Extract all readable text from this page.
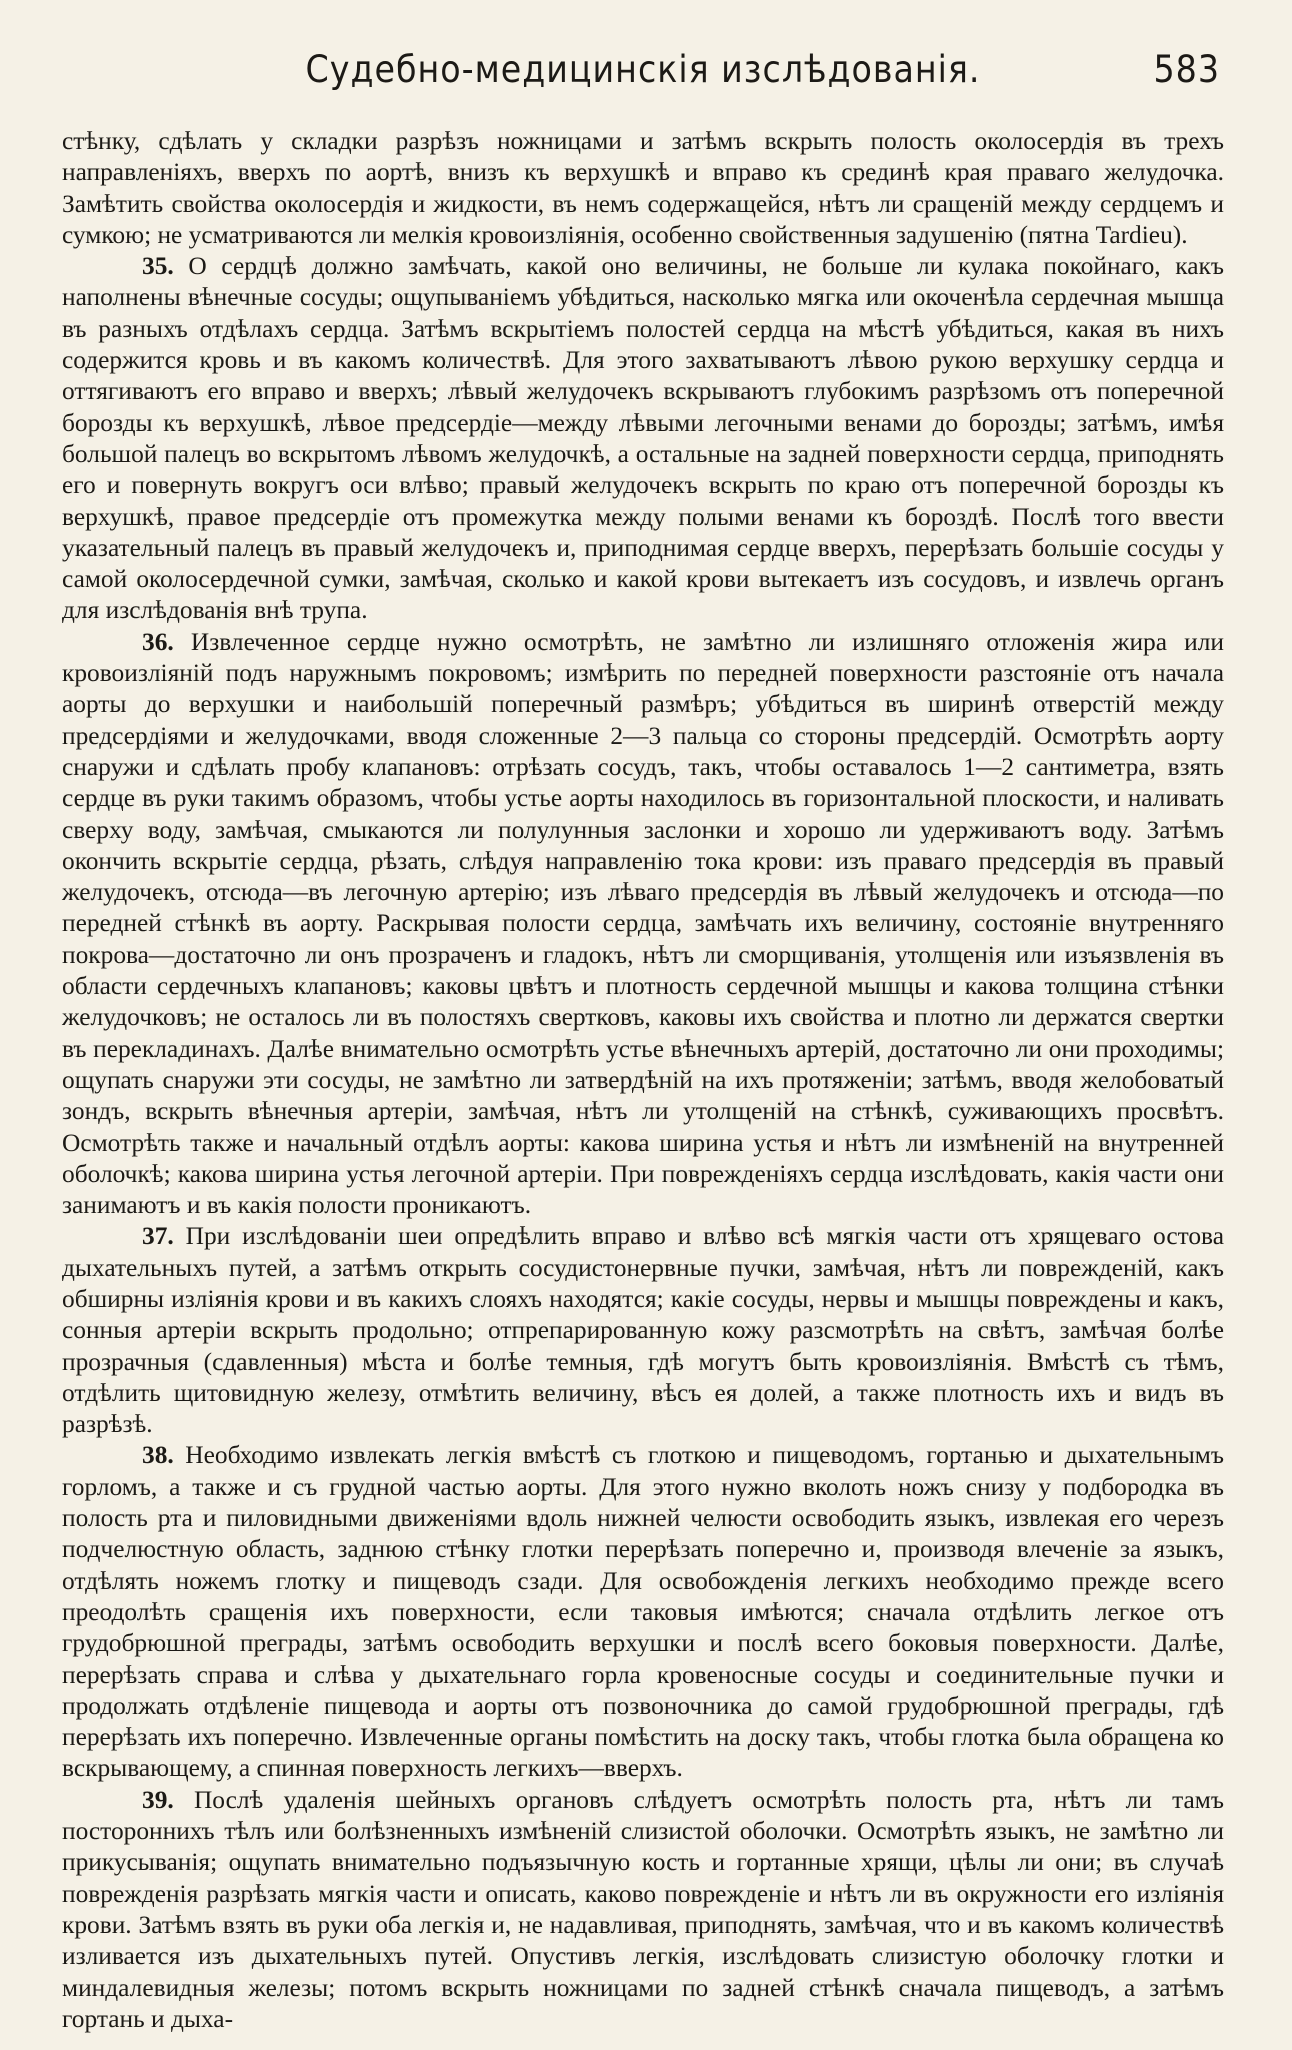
Судебно-медицинскія изслѣдованія.	583

стѣнку, сдѣлать у складки разрѣзъ ножницами и затѣмъ вскрыть полость околосердія въ трехъ направленіяхъ, вверхъ по аортѣ, внизъ къ верхушкѣ и вправо къ срединѣ края праваго желудочка. Замѣтить свойства околосердія и жидкости, въ немъ содержащейся, нѣтъ ли сращеній между сердцемъ и сумкою; не усматриваются ли мелкія кровоизліянія, особенно свойственныя задушенію (пятна Tardieu).

35. О сердцѣ должно замѣчать, какой оно величины, не больше ли кулака покойнаго, какъ наполнены вѣнечные сосуды; ощупываніемъ убѣдиться, насколько мягка или окоченѣла сердечная мышца въ разныхъ отдѣлахъ сердца. Затѣмъ вскрытіемъ полостей сердца на мѣстѣ убѣдиться, какая въ нихъ содержится кровь и въ какомъ количествѣ. Для этого захватываютъ лѣвою рукою верхушку сердца и оттягиваютъ его вправо и вверхъ; лѣвый желудочекъ вскрываютъ глубокимъ разрѣзомъ отъ поперечной борозды къ верхушкѣ, лѣвое предсердіе—между лѣвыми легочными венами до борозды; затѣмъ, имѣя большой палецъ во вскрытомъ лѣвомъ желудочкѣ, а остальные на задней поверхности сердца, приподнять его и повернуть вокругъ оси влѣво; правый желудочекъ вскрыть по краю отъ поперечной борозды къ верхушкѣ, правое предсердіе отъ промежутка между полыми венами къ бороздѣ. Послѣ того ввести указательный палецъ въ правый желудочекъ и, приподнимая сердце вверхъ, перерѣзать большіе сосуды у самой околосердечной сумки, замѣчая, сколько и какой крови вытекаетъ изъ сосудовъ, и извлечь органъ для изслѣдованія внѣ трупа.

36. Извлеченное сердце нужно осмотрѣть, не замѣтно ли излишняго отложенія жира или кровоизліяній подъ наружнымъ покровомъ; измѣрить по передней поверхности разстояніе отъ начала аорты до верхушки и наибольшій поперечный размѣръ; убѣдиться въ ширинѣ отверстій между предсердіями и желудочками, вводя сложенные 2—3 пальца со стороны предсердій. Осмотрѣть аорту снаружи и сдѣлать пробу клапановъ: отрѣзать сосудъ, такъ, чтобы оставалось 1—2 сантиметра, взять сердце въ руки такимъ образомъ, чтобы устье аорты находилось въ горизонтальной плоскости, и наливать сверху воду, замѣчая, смыкаются ли полулунныя заслонки и хорошо ли удерживаютъ воду. Затѣмъ окончить вскрытіе сердца, рѣзать, слѣдуя направленію тока крови: изъ праваго предсердія въ правый желудочекъ, отсюда—въ легочную артерію; изъ лѣваго предсердія въ лѣвый желудочекъ и отсюда—по передней стѣнкѣ въ аорту. Раскрывая полости сердца, замѣчать ихъ величину, состояніе внутренняго покрова—достаточно ли онъ прозраченъ и гладокъ, нѣтъ ли сморщиванія, утолщенія или изъязвленія въ области сердечныхъ клапановъ; каковы цвѣтъ и плотность сердечной мышцы и какова толщина стѣнки желудочковъ; не осталось ли въ полостяхъ свертковъ, каковы ихъ свойства и плотно ли держатся свертки въ перекладинахъ. Далѣе внимательно осмотрѣть устье вѣнечныхъ артерій, достаточно ли они проходимы; ощупать снаружи эти сосуды, не замѣтно ли затвердѣній на ихъ протяженіи; затѣмъ, вводя желобоватый зондъ, вскрыть вѣнечныя артеріи, замѣчая, нѣтъ ли утолщеній на стѣнкѣ, суживающихъ просвѣтъ. Осмотрѣть также и начальный отдѣлъ аорты: какова ширина устья и нѣтъ ли измѣненій на внутренней оболочкѣ; какова ширина устья легочной артеріи. При поврежденіяхъ сердца изслѣдовать, какія части они занимаютъ и въ какія полости проникаютъ.

37. При изслѣдованіи шеи опредѣлить вправо и влѣво всѣ мягкія части отъ хрящеваго остова дыхательныхъ путей, а затѣмъ открыть сосудистонервные пучки, замѣчая, нѣтъ ли поврежденій, какъ обширны изліянія крови и въ какихъ слояхъ находятся; какіе сосуды, нервы и мышцы повреждены и какъ, сонныя артеріи вскрыть продольно; отпрепарированную кожу разсмотрѣть на свѣтъ, замѣчая болѣе прозрачныя (сдавленныя) мѣста и болѣе темныя, гдѣ могутъ быть кровоизліянія. Вмѣстѣ съ тѣмъ, отдѣлить щитовидную железу, отмѣтить величину, вѣсъ ея долей, а также плотность ихъ и видъ въ разрѣзѣ.

38. Необходимо извлекать легкія вмѣстѣ съ глоткою и пищеводомъ, гортанью и дыхательнымъ горломъ, а также и съ грудной частью аорты. Для этого нужно вколоть ножъ снизу у подбородка въ полость рта и пиловидными движеніями вдоль нижней челюсти освободить языкъ, извлекая его черезъ подчелюстную область, заднюю стѣнку глотки перерѣзать поперечно и, производя влеченіе за языкъ, отдѣлять ножемъ глотку и пищеводъ сзади. Для освобожденія легкихъ необходимо прежде всего преодолѣть сращенія ихъ поверхности, если таковыя имѣются; сначала отдѣлить легкое отъ грудобрюшной преграды, затѣмъ освободить верхушки и послѣ всего боковыя поверхности. Далѣе, перерѣзать справа и слѣва у дыхательнаго горла кровеносные сосуды и соединительные пучки и продолжать отдѣленіе пищевода и аорты отъ позвоночника до самой грудобрюшной преграды, гдѣ перерѣзать ихъ поперечно. Извлеченные органы помѣстить на доску такъ, чтобы глотка была обращена ко вскрывающему, а спинная поверхность легкихъ—вверхъ.

39. Послѣ удаленія шейныхъ органовъ слѣдуетъ осмотрѣть полость рта, нѣтъ ли тамъ постороннихъ тѣлъ или болѣзненныхъ измѣненій слизистой оболочки. Осмотрѣть языкъ, не замѣтно ли прикусыванія; ощупать внимательно подъязычную кость и гортанные хрящи, цѣлы ли они; въ случаѣ поврежденія разрѣзать мягкія части и описать, каково поврежденіе и нѣтъ ли въ окружности его изліянія крови. Затѣмъ взять въ руки оба легкія и, не надавливая, приподнять, замѣчая, что и въ какомъ количествѣ изливается изъ дыхательныхъ путей. Опустивъ легкія, изслѣдовать слизистую оболочку глотки и миндалевидныя железы; потомъ вскрыть ножницами по задней стѣнкѣ сначала пищеводъ, а затѣмъ гортань и дыха-
